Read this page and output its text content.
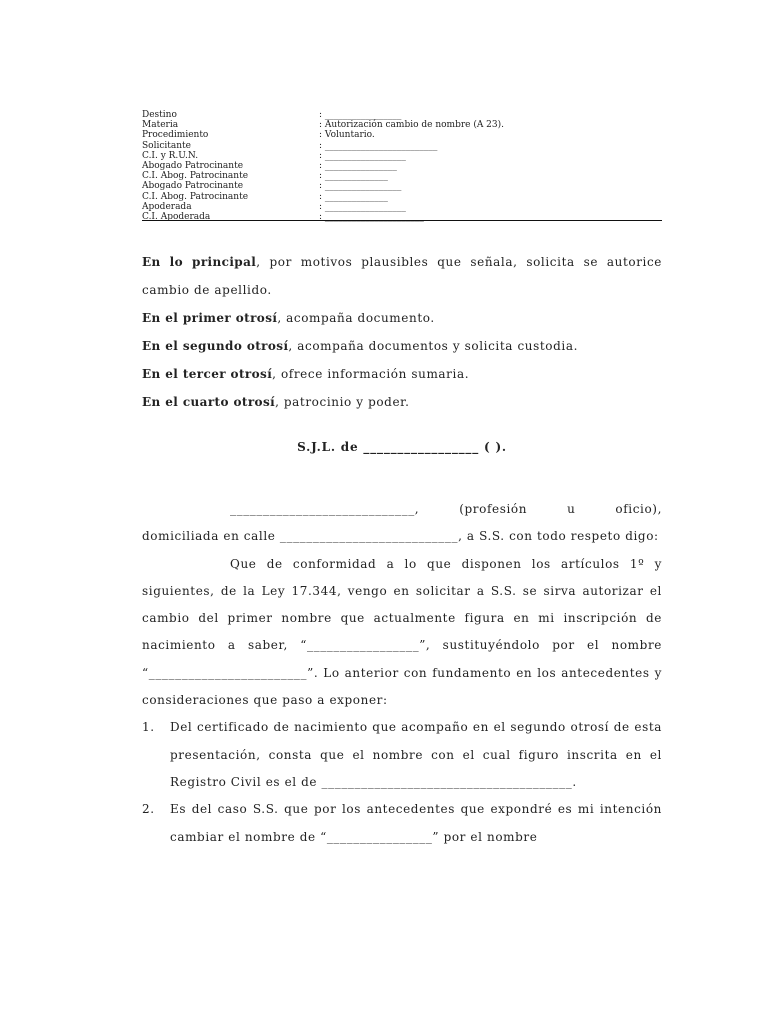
Destino	: _________________
Materia	: Autorización cambio de nombre (A 23).
Procedimiento	: Voluntario.
Solicitante	: _________________________
C.I. y R.U.N.	: __________________
Abogado Patrocinante	: ________________
C.I. Abog. Patrocinante	: ______________
Abogado Patrocinante	: _________________
C.I. Abog. Patrocinante	: ______________
Apoderada	: __________________
C.I. Apoderada	: ______________________

En lo principal, por motivos plausibles que señala, solicita se autorice

cambio de apellido.

En el primer otrosí, acompaña documento.

En el segundo otrosí, acompaña documentos y solicita custodia.

En el tercer otrosí, ofrece información sumaria.

En el cuarto otrosí, patrocinio y poder.

S.J.L. de _________________ ( ).

____________________________, (profesión u oficio),

domiciliada en calle ___________________________, a S.S. con todo respeto digo:

Que de conformidad a lo que disponen los artículos 1º y siguientes, de la Ley 17.344, vengo en solicitar a S.S. se sirva autorizar el cambio del primer nombre que actualmente figura en mi inscripción de nacimiento a saber, “_________________”, sustituyéndolo por el nombre “________________________”. Lo anterior con fundamento en los antecedentes y consideraciones que paso a exponer:

1.	Del certificado de nacimiento que acompaño en el segundo otrosí de esta presentación, consta que el nombre con el cual figuro inscrita en el Registro Civil es el de ______________________________________.
2.	Es del caso S.S. que por los antecedentes que expondré es mi intención cambiar el nombre de “________________” por el nombre
